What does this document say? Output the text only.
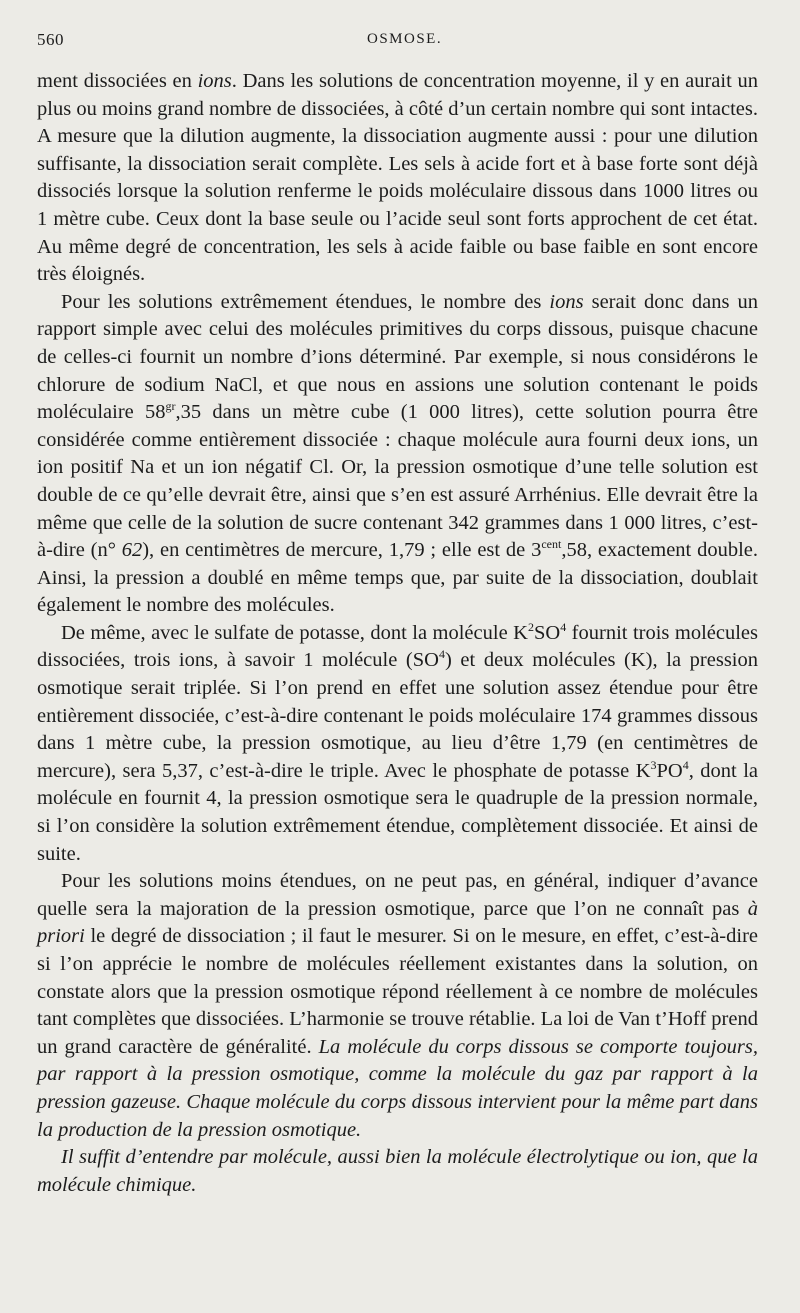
560	OSMOSE.

ment dissociées en ions. Dans les solutions de concentration moyenne, il y en aurait un plus ou moins grand nombre de dissociées, à côté d’un certain nombre qui sont intactes. A mesure que la dilution augmente, la dissociation augmente aussi : pour une dilution suffisante, la dissociation serait complète. Les sels à acide fort et à base forte sont déjà dissociés lorsque la solution renferme le poids moléculaire dissous dans 1000 litres ou 1 mètre cube. Ceux dont la base seule ou l’acide seul sont forts approchent de cet état. Au même degré de concentration, les sels à acide faible ou base faible en sont encore très éloignés.

Pour les solutions extrêmement étendues, le nombre des ions serait donc dans un rapport simple avec celui des molécules primitives du corps dissous, puisque chacune de celles-ci fournit un nombre d’ions déterminé. Par exemple, si nous considérons le chlorure de sodium NaCl, et que nous en assions une solution contenant le poids moléculaire $58^{gr},35$ dans un mètre cube (1 000 litres), cette solution pourra être considérée comme entièrement dissociée : chaque molécule aura fourni deux ions, un ion positif Na et un ion négatif Cl. Or, la pression osmotique d’une telle solution est double de ce qu’elle devrait être, ainsi que s’en est assuré Arrhénius. Elle devrait être la même que celle de la solution de sucre contenant 342 grammes dans 1 000 litres, c’est-à-dire (n° 62), en centimètres de mercure, 1,79 ; elle est de $3^{cent},58$, exactement double. Ainsi, la pression a doublé en même temps que, par suite de la dissociation, doublait également le nombre des molécules.

De même, avec le sulfate de potasse, dont la molécule $K^2SO^4$ fournit trois molécules dissociées, trois ions, à savoir 1 molécule $(SO^4)$ et deux molécules (K), la pression osmotique serait triplée. Si l’on prend en effet une solution assez étendue pour être entièrement dissociée, c’est-à-dire contenant le poids moléculaire 174 grammes dissous dans 1 mètre cube, la pression osmotique, au lieu d’être 1,79 (en centimètres de mercure), sera 5,37, c’est-à-dire le triple. Avec le phosphate de potasse $K^3PO^4$, dont la molécule en fournit 4, la pression osmotique sera le quadruple de la pression normale, si l’on considère la solution extrêmement étendue, complètement dissociée. Et ainsi de suite.

Pour les solutions moins étendues, on ne peut pas, en général, indiquer d’avance quelle sera la majoration de la pression osmotique, parce que l’on ne connaît pas à priori le degré de dissociation ; il faut le mesurer. Si on le mesure, en effet, c’est-à-dire si l’on apprécie le nombre de molécules réellement existantes dans la solution, on constate alors que la pression osmotique répond réellement à ce nombre de molécules tant complètes que dissociées. L’harmonie se trouve rétablie. La loi de Van t’Hoff prend un grand caractère de généralité. La molécule du corps dissous se comporte toujours, par rapport à la pression osmotique, comme la molécule du gaz par rapport à la pression gazeuse. Chaque molécule du corps dissous intervient pour la même part dans la production de la pression osmotique.

Il suffit d’entendre par molécule, aussi bien la molécule électrolytique ou ion, que la molécule chimique.
